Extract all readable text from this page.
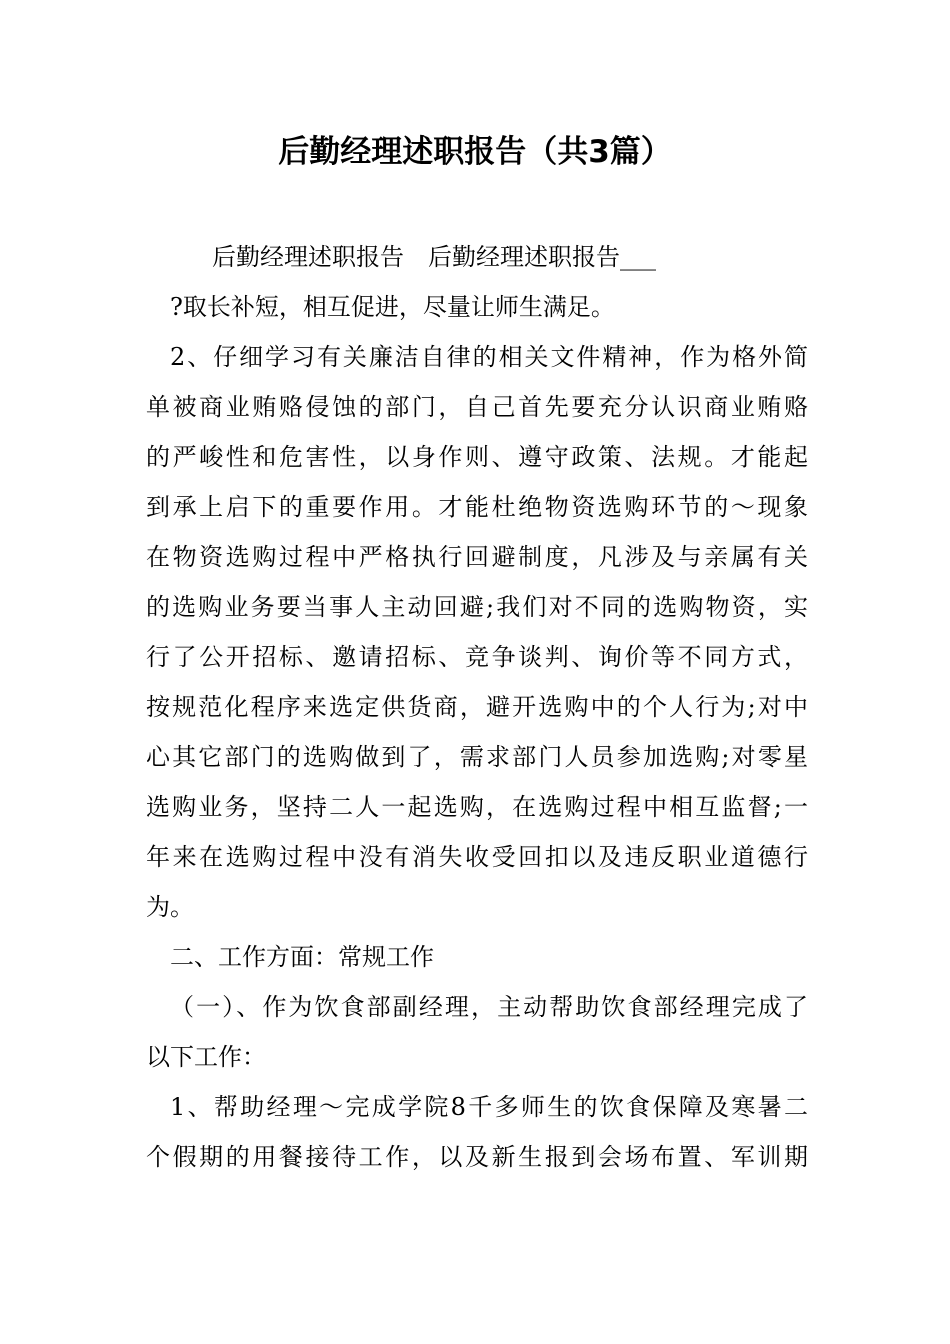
后勤经理述职报告（共3篇）
后勤经理述职报告　后勤经理述职报告___
?取长补短，相互促进，尽量让师生满足。
2、仔细学习有关廉洁自律的相关文件精神，作为格外简
单被商业贿赂侵蚀的部门，自己首先要充分认识商业贿赂
的严峻性和危害性，以身作则、遵守政策、法规。才能起
到承上启下的重要作用。才能杜绝物资选购环节的～现象
在物资选购过程中严格执行回避制度，凡涉及与亲属有关
的选购业务要当事人主动回避;我们对不同的选购物资，实
行了公开招标、邀请招标、竞争谈判、询价等不同方式，
按规范化程序来选定供货商，避开选购中的个人行为;对中
心其它部门的选购做到了，需求部门人员参加选购;对零星
选购业务，坚持二人一起选购，在选购过程中相互监督;一
年来在选购过程中没有消失收受回扣以及违反职业道德行
为。
二、工作方面：常规工作
（一）、作为饮食部副经理，主动帮助饮食部经理完成了
以下工作：
1、帮助经理～完成学院8千多师生的饮食保障及寒暑二
个假期的用餐接待工作，以及新生报到会场布置、军训期
